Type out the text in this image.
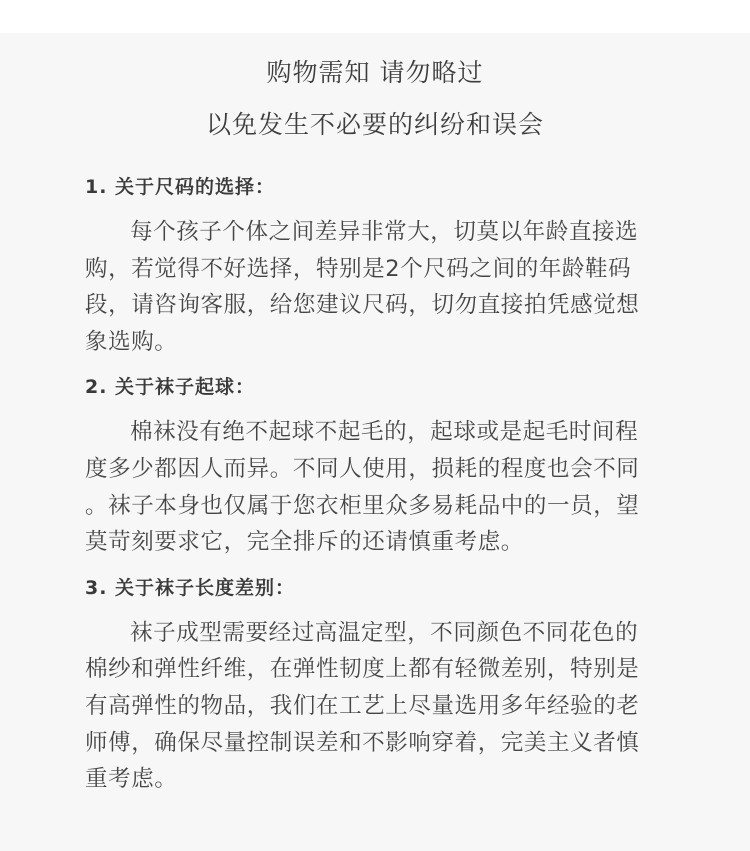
购物需知 请勿略过
以免发生不必要的纠纷和误会
1. 关于尺码的选择：
每个孩子个体之间差异非常大，切莫以年龄直接选
购，若觉得不好选择，特别是2个尺码之间的年龄鞋码
段，请咨询客服，给您建议尺码，切勿直接拍凭感觉想
象选购。
2. 关于袜子起球：
棉袜没有绝不起球不起毛的，起球或是起毛时间程
度多少都因人而异。不同人使用，损耗的程度也会不同
。袜子本身也仅属于您衣柜里众多易耗品中的一员，望
莫苛刻要求它，完全排斥的还请慎重考虑。
3. 关于袜子长度差别：
袜子成型需要经过高温定型，不同颜色不同花色的
棉纱和弹性纤维，在弹性韧度上都有轻微差别，特别是
有高弹性的物品，我们在工艺上尽量选用多年经验的老
师傅，确保尽量控制误差和不影响穿着，完美主义者慎
重考虑。
